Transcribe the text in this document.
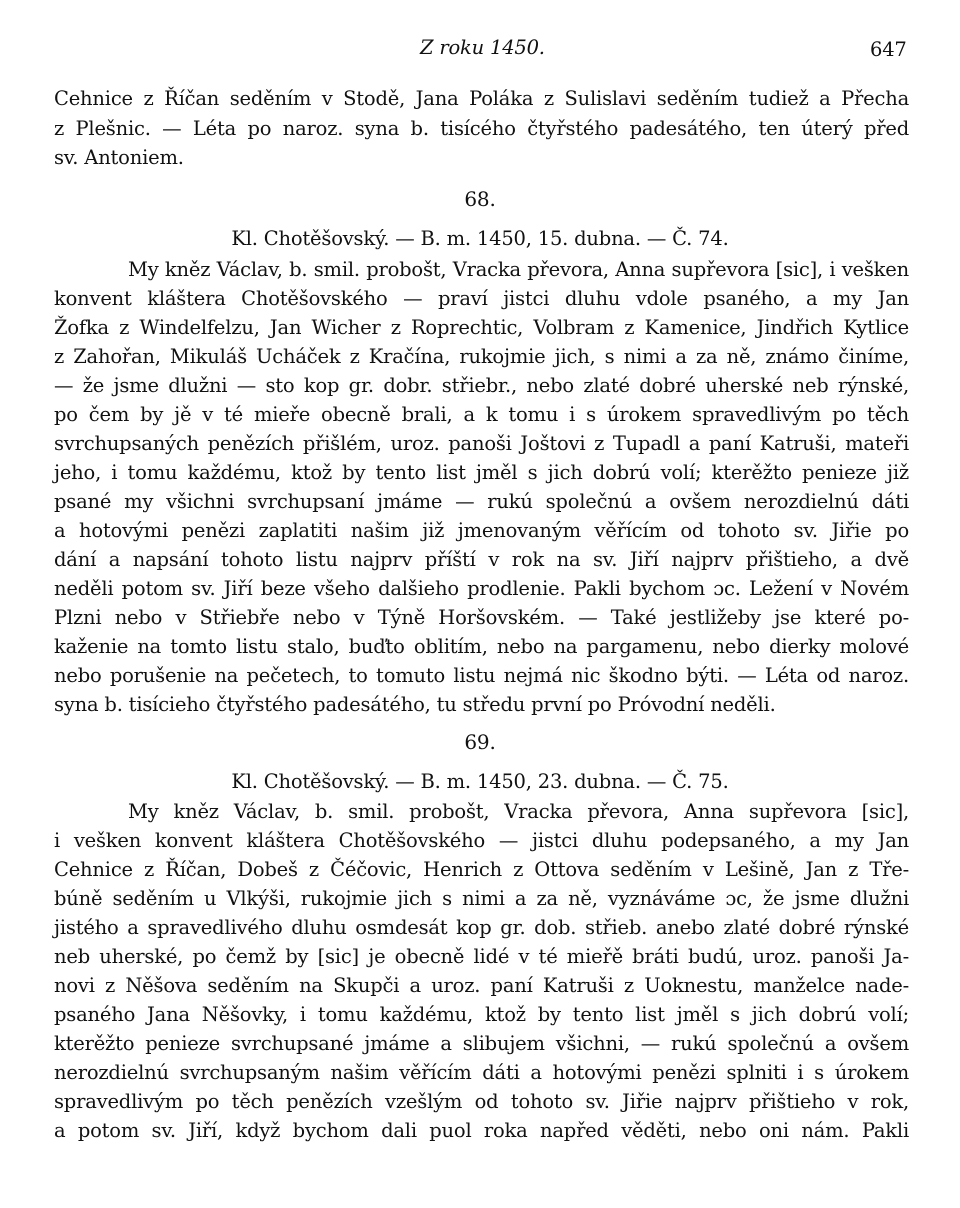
Z roku 1450.	647
Cehnice z Říčan seděním v Stodě, Jana Poláka z Sulislavi seděním tudiež a Přecha
z Plešnic. — Léta po naroz. syna b. tisícého čtyřstého padesátého, ten úterý před
sv. Antoniem.
68.
Kl. Chotěšovský. — B. m. 1450, 15. dubna. — Č. 74.
My kněz Václav, b. smil. probošt, Vracka převora, Anna supřevora [sic], i vešken
konvent kláštera Chotěšovského — praví jistci dluhu vdole psaného, a my Jan
Žofka z Windelfelzu, Jan Wicher z Roprechtic, Volbram z Kamenice, Jindřich Kytlice
z Zahořan, Mikuláš Ucháček z Kračína, rukojmie jich, s nimi a za ně, známo činíme,
— že jsme dlužni — sto kop gr. dobr. střiebr., nebo zlaté dobré uherské neb rýnské,
po čem by jě v té mieře obecně brali, a k tomu i s úrokem spravedlivým po těch
svrchupsaných penězích přišlém, uroz. panoši Joštovi z Tupadl a paní Katruši, mateři
jeho, i tomu každému, ktož by tento list jměl s jich dobrú volí; kterěžto penieze již
psané my všichni svrchupsaní jmáme — rukú společnú a ovšem nerozdielnú dáti
a hotovými penězi zaplatiti našim již jmenovaným věřícím od tohoto sv. Jiřie po
dání a napsání tohoto listu najprv příští v rok na sv. Jiří najprv přištieho, a dvě
neděli potom sv. Jiří beze všeho dalšieho prodlenie. Pakli bychom ɔc. Ležení v Novém
Plzni nebo v Střiebře nebo v Týně Horšovském. — Také jestližeby jse které po-
kaženie na tomto listu stalo, buďto oblitím, nebo na pargamenu, nebo dierky molové
nebo porušenie na pečetech, to tomuto listu nejmá nic škodno býti. — Léta od naroz.
syna b. tisícieho čtyřstého padesátého, tu středu první po Próvodní neděli.
69.
Kl. Chotěšovský. — B. m. 1450, 23. dubna. — Č. 75.
My kněz Václav, b. smil. probošt, Vracka převora, Anna supřevora [sic],
i vešken konvent kláštera Chotěšovského — jistci dluhu podepsaného, a my Jan
Cehnice z Říčan, Dobeš z Čéčovic, Henrich z Ottova seděním v Lešině, Jan z Tře-
búně seděním u Vlkýši, rukojmie jich s nimi a za ně, vyznáváme ɔc, že jsme dlužni
jistého a spravedlivého dluhu osmdesát kop gr. dob. střieb. anebo zlaté dobré rýnské
neb uherské, po čemž by [sic] je obecně lidé v té mieřě bráti budú, uroz. panoši Ja-
novi z Něšova seděním na Skupči a uroz. paní Katruši z Uoknestu, manželce nade-
psaného Jana Něšovky, i tomu každému, ktož by tento list jměl s jich dobrú volí;
kterěžto penieze svrchupsané jmáme a slibujem všichni, — rukú společnú a ovšem
nerozdielnú svrchupsaným našim věřícím dáti a hotovými penězi splniti i s úrokem
spravedlivým po těch penězích vzešlým od tohoto sv. Jiřie najprv přištieho v rok,
a potom sv. Jiří, když bychom dali puol roka napřed věděti, nebo oni nám. Pakli
